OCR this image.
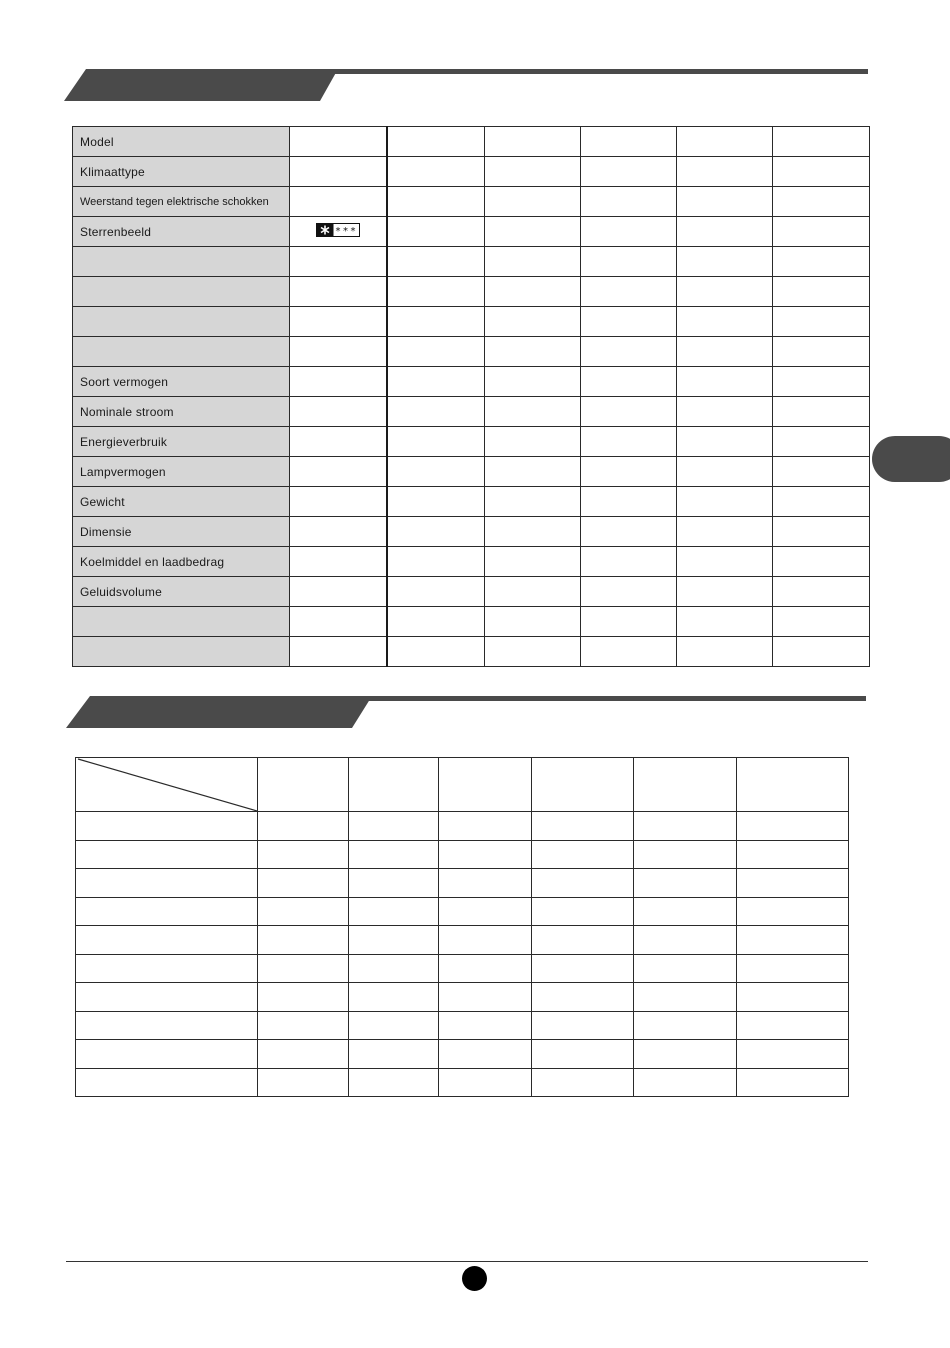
Model						
Klimaattype						
Weerstand tegen elektrische schokken						
Sterrenbeeld	* * *					

Soort vermogen						
Nominale stroom						
Energieverbruik						
Lampvermogen						
Gewicht						
Dimensie						
Koelmiddel en laadbedrag						
Geluidsvolume						
